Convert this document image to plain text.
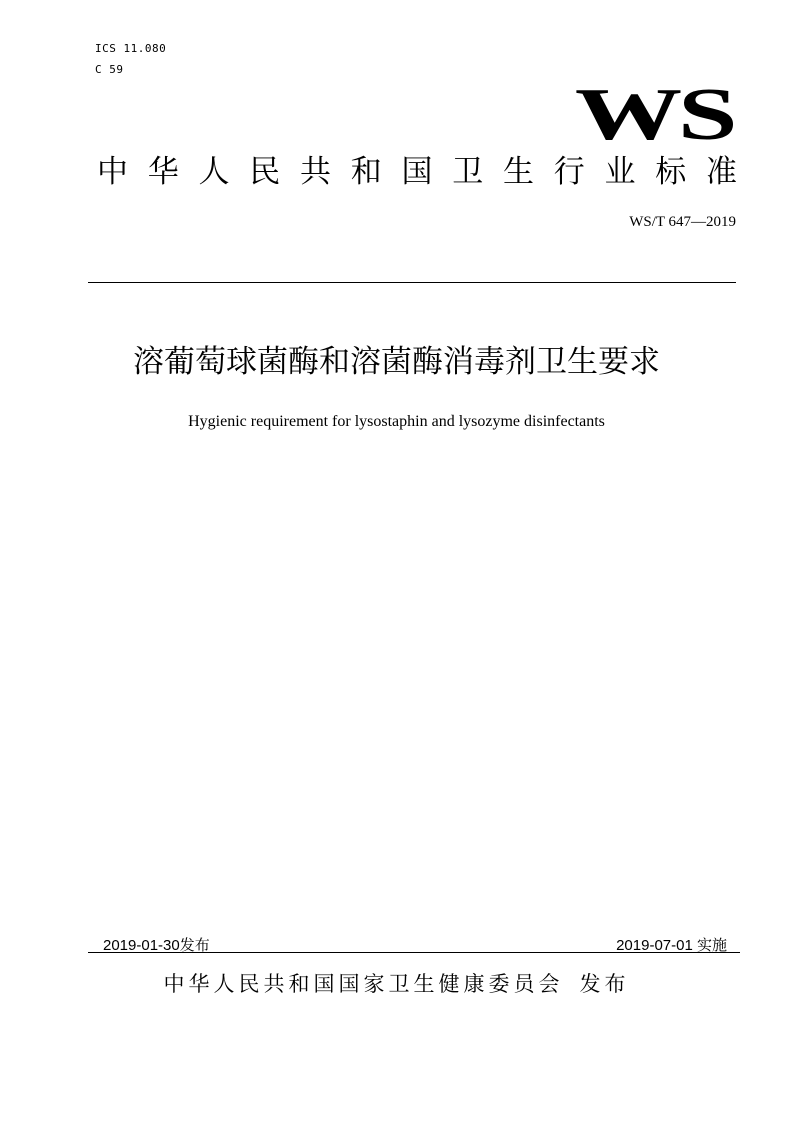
ICS 11.080
C 59
WS
中华人民共和国卫生行业标准
WS/T 647—2019
溶葡萄球菌酶和溶菌酶消毒剂卫生要求
Hygienic requirement for lysostaphin and lysozyme disinfectants
2019-01-30发布	2019-07-01 实施
中华人民共和国国家卫生健康委员会 发布
